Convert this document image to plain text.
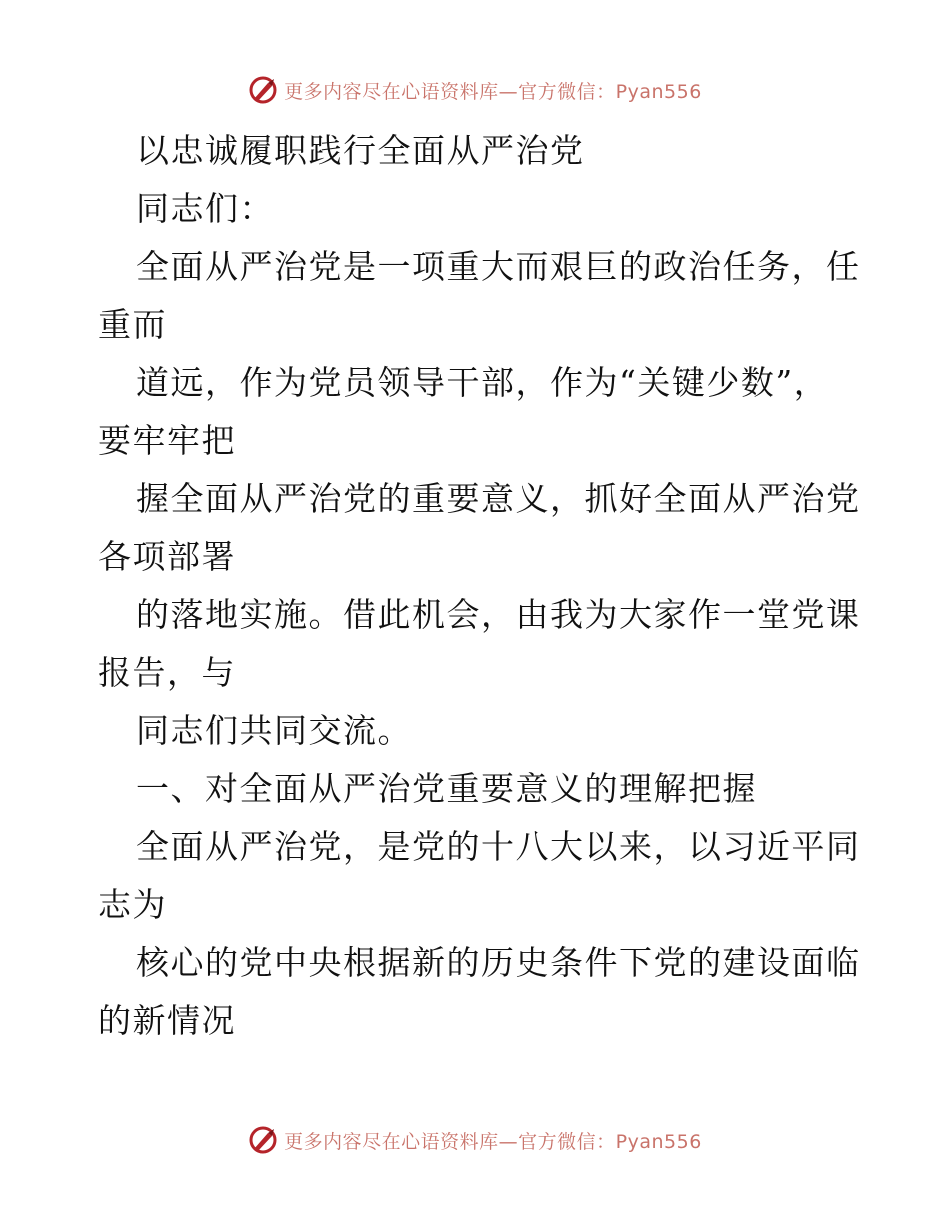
更多内容尽在心语资料库—官方微信：Pyan556
以忠诚履职践行全面从严治党
同志们：
全面从严治党是一项重大而艰巨的政治任务，任
重而
道远，作为党员领导干部，作为“关键少数”，
要牢牢把
握全面从严治党的重要意义，抓好全面从严治党
各项部署
的落地实施。借此机会，由我为大家作一堂党课
报告，与
同志们共同交流。
一、对全面从严治党重要意义的理解把握
全面从严治党，是党的十八大以来，以习近平同
志为
核心的党中央根据新的历史条件下党的建设面临
的新情况
更多内容尽在心语资料库—官方微信：Pyan556
